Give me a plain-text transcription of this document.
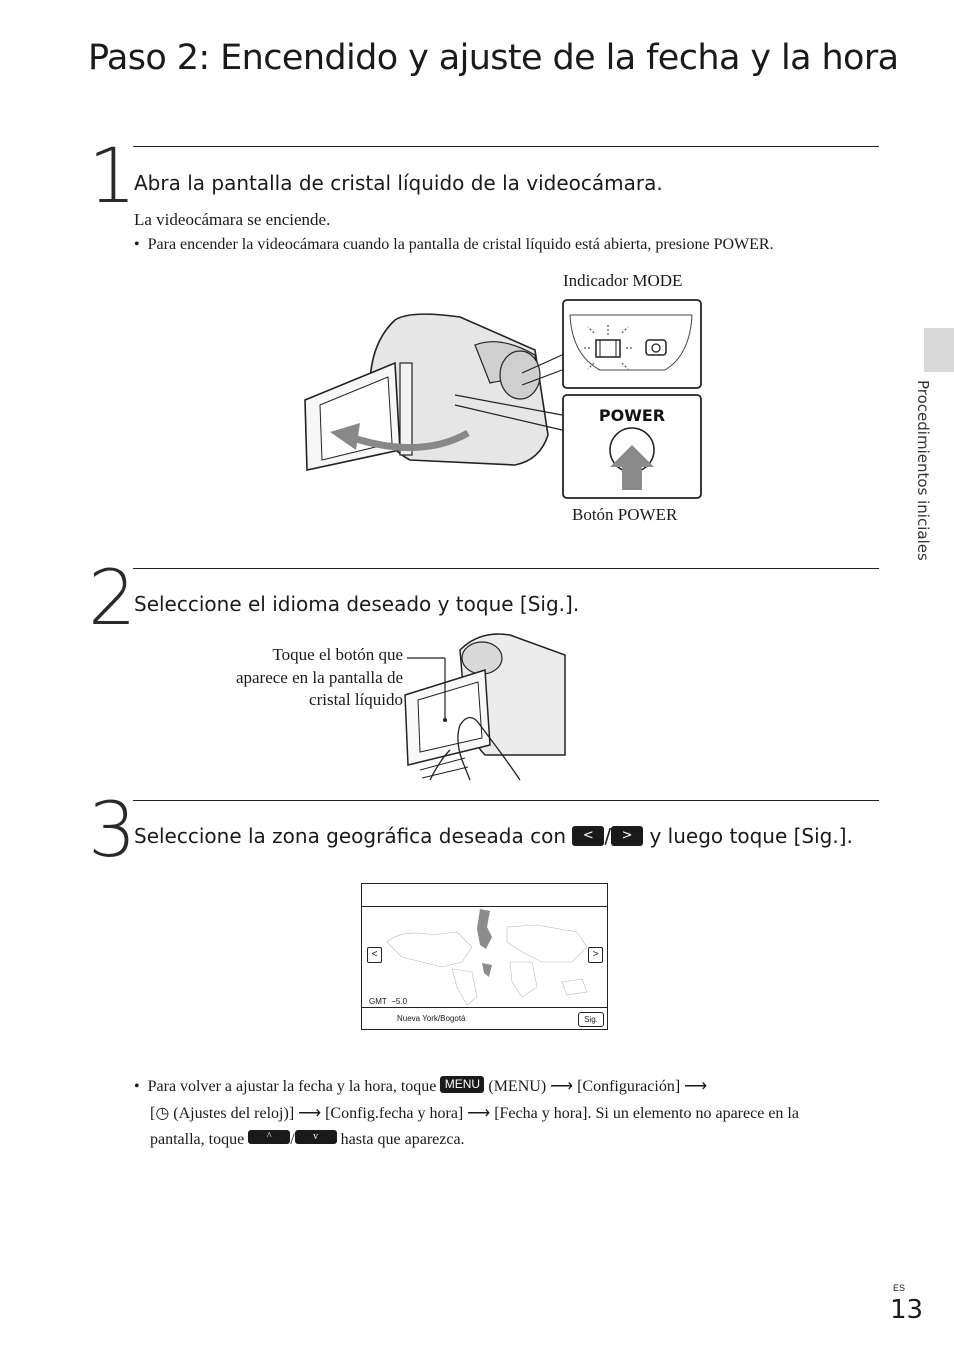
Paso 2: Encendido y ajuste de la fecha y la hora
Procedimientos iniciales
1
Abra la pantalla de cristal líquido de la videocámara.
La videocámara se enciende.
•  Para encender la videocámara cuando la pantalla de cristal líquido está abierta, presione POWER.
Indicador MODE
Botón POWER
POWER
2
Seleccione el idioma deseado y toque [Sig.].
Toque el botón que
aparece en la pantalla de
cristal líquido
3
Seleccione la zona geográfica deseada con < / > y luego toque [Sig.].
<	>
GMT −5.0
Nueva York/Bogotá	Sig.
•  Para volver a ajustar la fecha y la hora, toque MENU (MENU) ⟶ [Configuración] ⟶
[◷ (Ajustes del reloj)] ⟶ [Config.fecha y hora] ⟶ [Fecha y hora]. Si un elemento no aparece en la
pantalla, toque ^ / v hasta que aparezca.
ES
13
